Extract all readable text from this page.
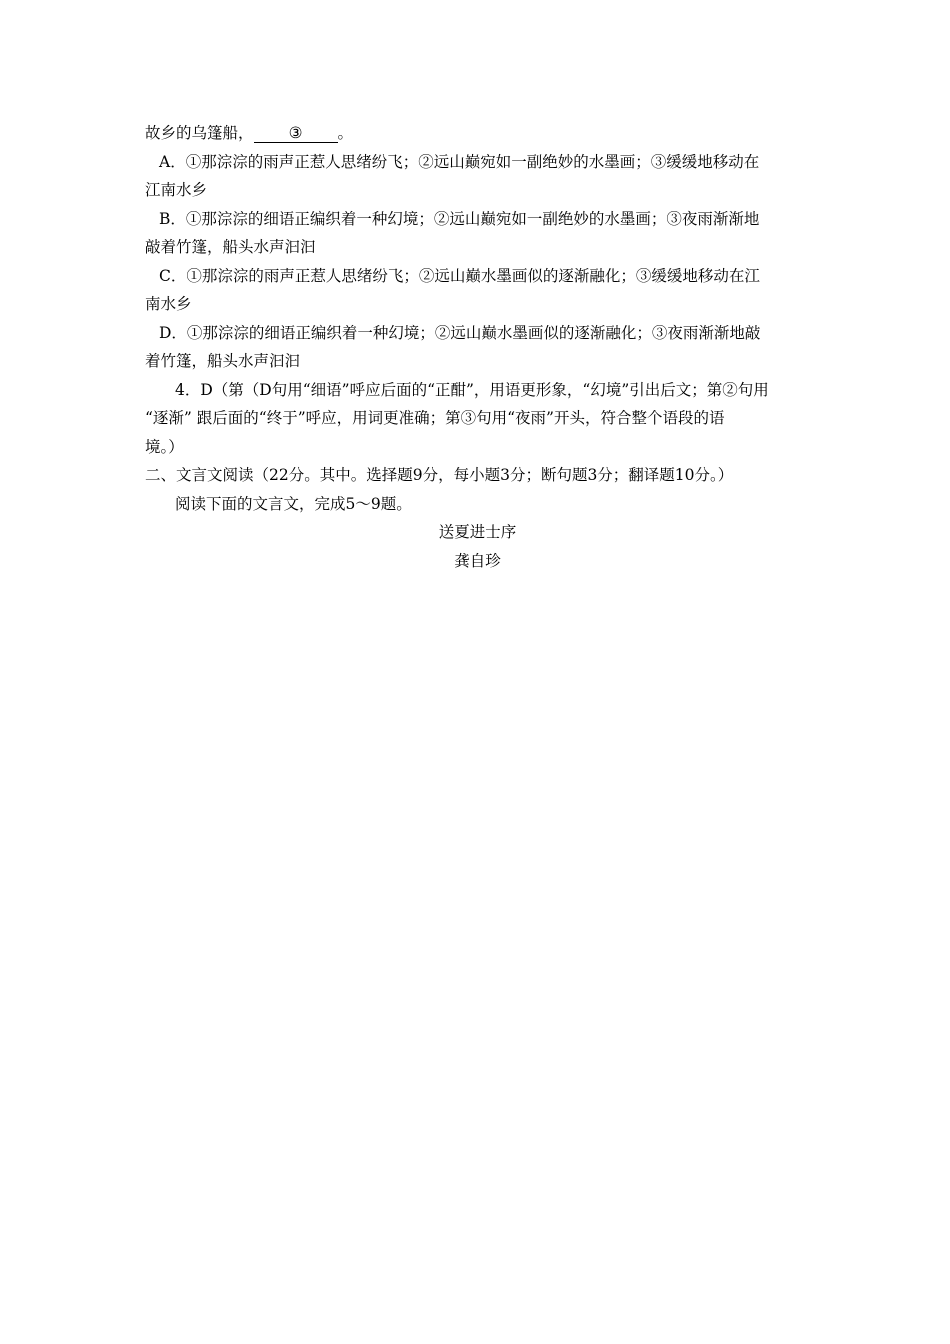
故乡的乌篷船， ③ 。
A．①那淙淙的雨声正惹人思绪纷飞；②远山巅宛如一副绝妙的水墨画；③缓缓地移动在
江南水乡
B．①那淙淙的细语正编织着一种幻境；②远山巅宛如一副绝妙的水墨画；③夜雨渐渐地
敲着竹篷，船头水声汩汩
C．①那淙淙的雨声正惹人思绪纷飞；②远山巅水墨画似的逐渐融化；③缓缓地移动在江
南水乡
D．①那淙淙的细语正编织着一种幻境；②远山巅水墨画似的逐渐融化；③夜雨渐渐地敲
着竹篷，船头水声汩汩
4．D（第（D句用“细语”呼应后面的“正酣”，用语更形象，“幻境”引出后文；第②句用
“逐渐” 跟后面的“终于”呼应，用词更准确；第③句用“夜雨”开头，符合整个语段的语
境。）
二、文言文阅读（22分。其中。选择题9分，每小题3分；断句题3分；翻译题10分。）
阅读下面的文言文，完成5～9题。
送夏进士序
龚自珍
